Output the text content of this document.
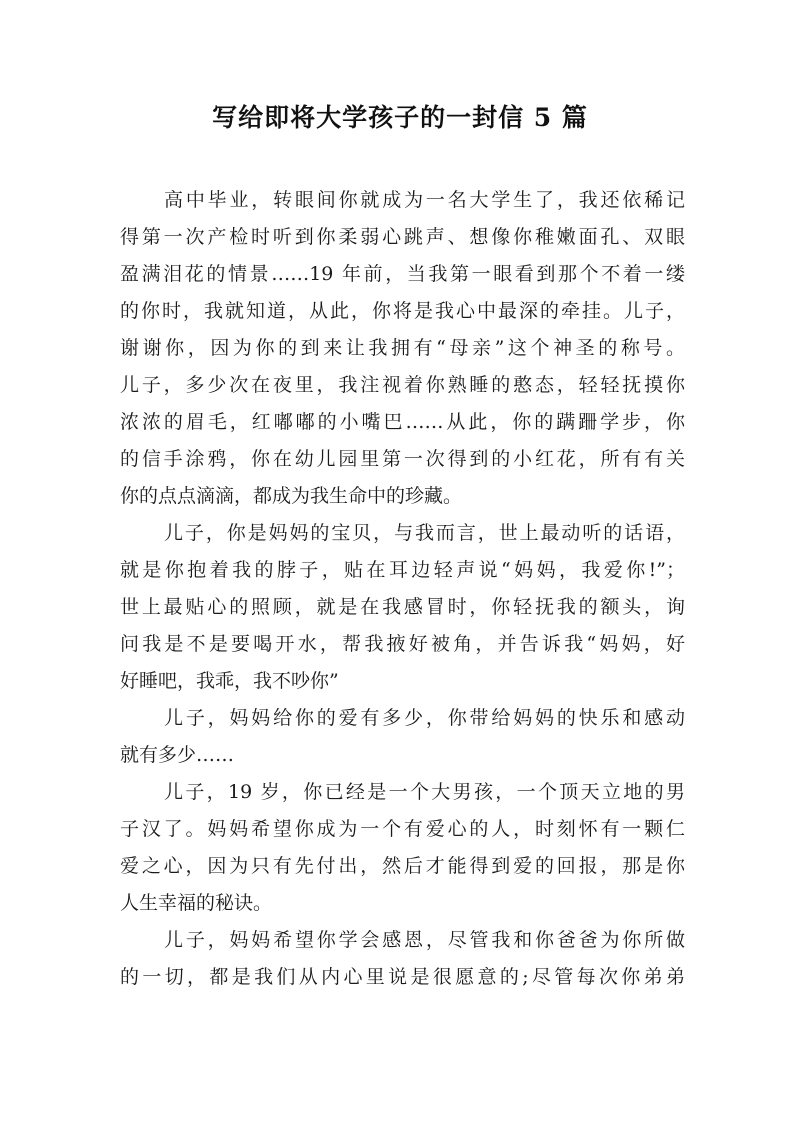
写给即将大学孩子的一封信 5 篇
高中毕业，转眼间你就成为一名大学生了，我还依稀记
得第一次产检时听到你柔弱心跳声、想像你稚嫩面孔、双眼
盈满泪花的情景……19 年前，当我第一眼看到那个不着一缕
的你时，我就知道，从此，你将是我心中最深的牵挂。儿子，
谢谢你，因为你的到来让我拥有“母亲”这个神圣的称号。
儿子，多少次在夜里，我注视着你熟睡的憨态，轻轻抚摸你
浓浓的眉毛，红嘟嘟的小嘴巴……从此，你的蹒跚学步，你
的信手涂鸦，你在幼儿园里第一次得到的小红花，所有有关
你的点点滴滴，都成为我生命中的珍藏。
儿子，你是妈妈的宝贝，与我而言，世上最动听的话语，
就是你抱着我的脖子，贴在耳边轻声说“妈妈，我爱你!”；
世上最贴心的照顾，就是在我感冒时，你轻抚我的额头，询
问我是不是要喝开水，帮我掖好被角，并告诉我“妈妈，好
好睡吧，我乖，我不吵你”
儿子，妈妈给你的爱有多少，你带给妈妈的快乐和感动
就有多少……
儿子，19 岁，你已经是一个大男孩，一个顶天立地的男
子汉了。妈妈希望你成为一个有爱心的人，时刻怀有一颗仁
爱之心，因为只有先付出，然后才能得到爱的回报，那是你
人生幸福的秘诀。
儿子，妈妈希望你学会感恩，尽管我和你爸爸为你所做
的一切，都是我们从内心里说是很愿意的;尽管每次你弟弟
